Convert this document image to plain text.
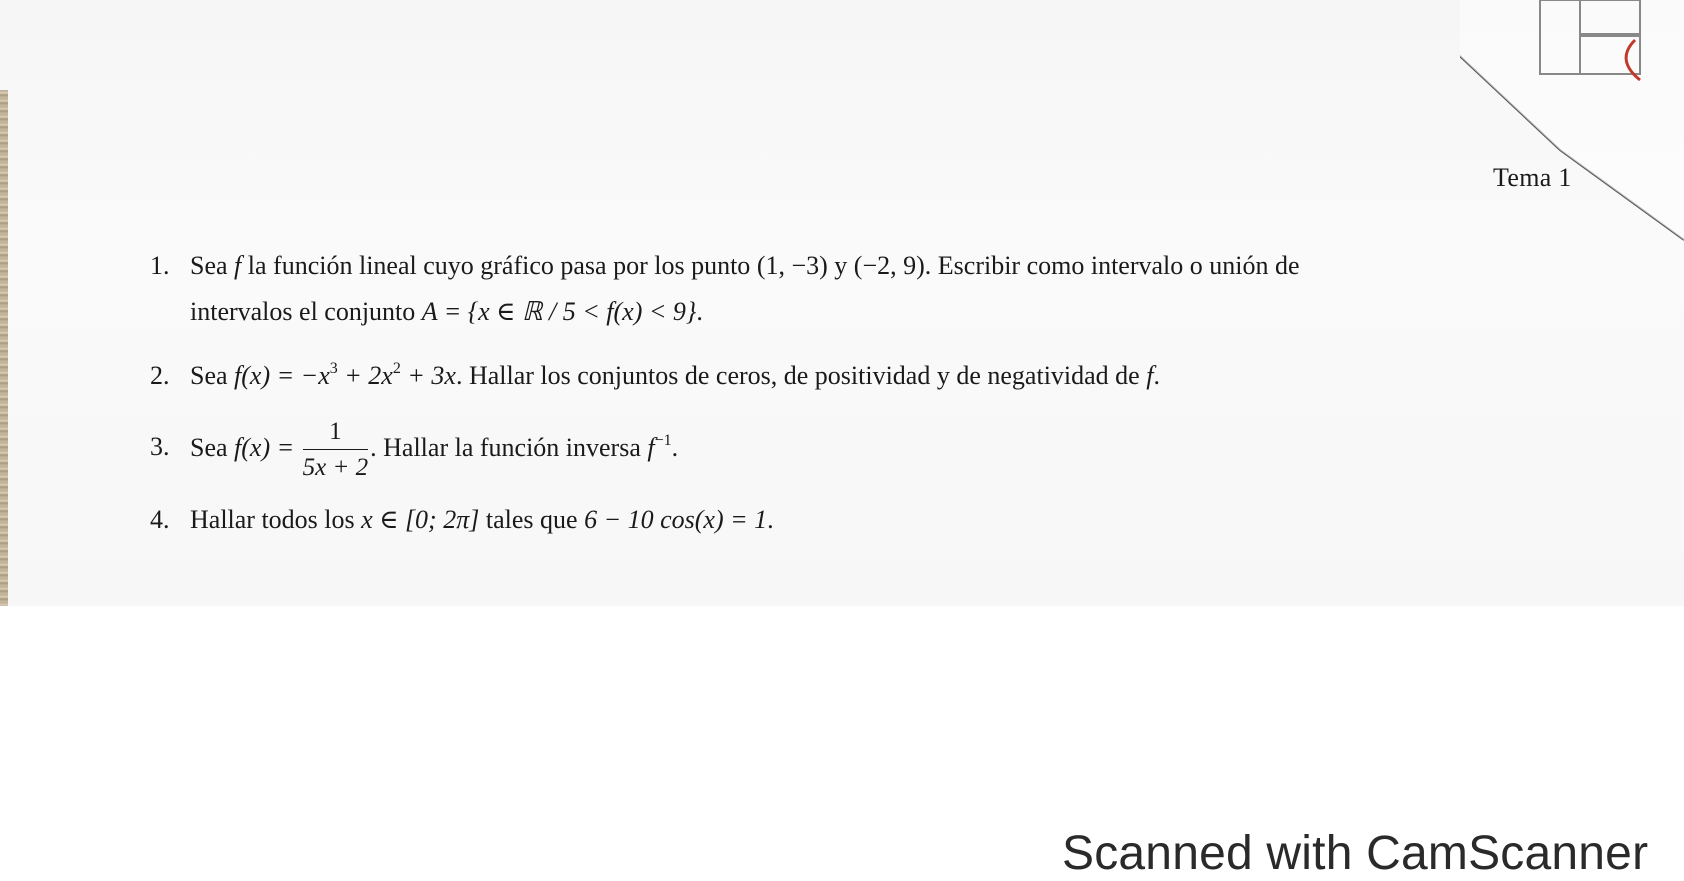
Tema 1
1. Sea f la función lineal cuyo gráfico pasa por los punto (1, −3) y (−2, 9). Escribir como intervalo o unión de
intervalos el conjunto A = {x ∈ ℝ / 5 < f(x) < 9}.
2. Sea $f(x) = -x^3 + 2x^2 + 3x$. Hallar los conjuntos de ceros, de positividad y de negatividad de f.
3. Sea $f(x) = \frac{1}{5x + 2}$ . Hallar la función inversa $f^{-1}$.
4. Hallar todos los x ∈ [0; 2π] tales que 6 − 10 cos(x) = 1.
Scanned with CamScanner
